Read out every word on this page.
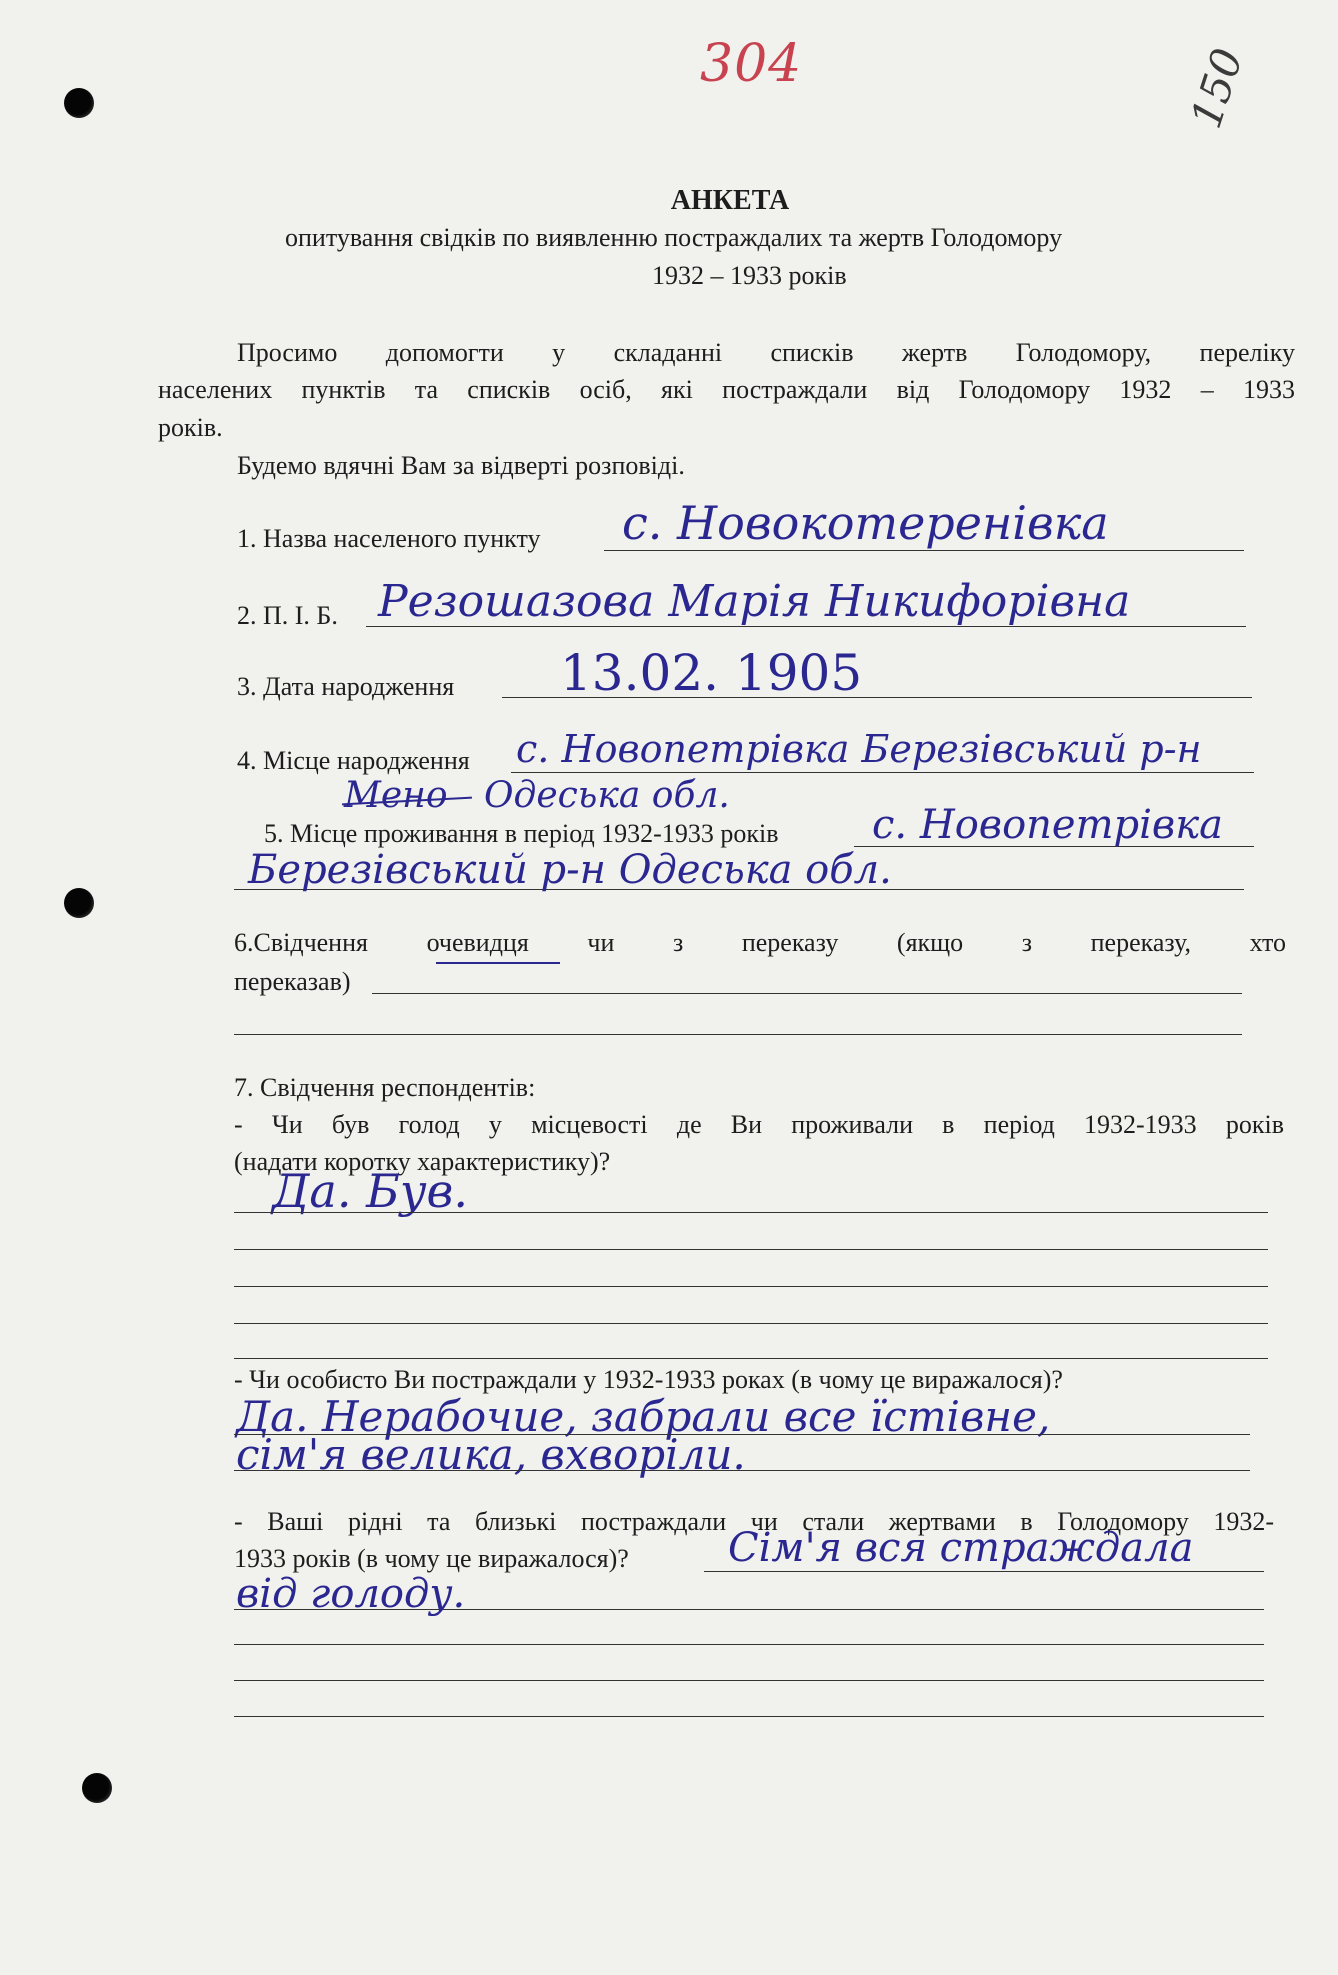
304	150
АНКЕТА
опитування свідків по виявленню постраждалих та жертв Голодомору
1932 – 1933 років
Просимо допомогти у складанні списків жертв Голодомору, переліку
населених пунктів та списків осіб, які постраждали від Голодомору 1932 – 1933
років.
Будемо вдячні Вам за відверті розповіді.
1. Назва населеного пункту с. Новокотеренівка
2. П. І. Б. Резошазова Марія Никифорівна
3. Дата народження 13.02. 1905
4. Місце народження с. Новопетрівка Березівський р-н
Мено Одеська обл.
5. Місце проживання в період 1932-1933 років с. Новопетрівка
Березівський р-н Одеська обл.
6.Свідчення очевидця чи з переказу (якщо з переказу, хто
переказав)
7. Свідчення респондентів:
- Чи був голод у місцевості де Ви проживали в період 1932-1933 років
(надати коротку характеристику)?
Да. Був.
- Чи особисто Ви постраждали у 1932-1933 роках (в чому це виражалося)?
Да. Нерабочие, забрали все їстівне,
сім'я велика, вхворіли.
- Ваші рідні та близькі постраждали чи стали жертвами в Голодомору 1932-
1933 років (в чому це виражалося)? Сім'я вся страждала
від голоду.
